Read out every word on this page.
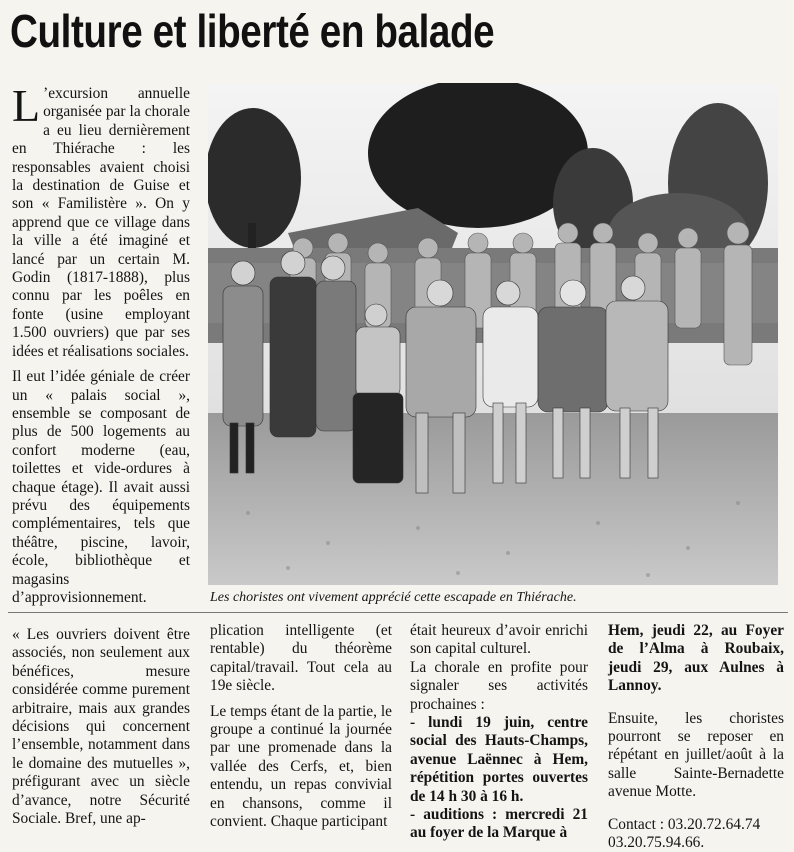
Culture et liberté en balade

L ’excursion annuelle organisée par la chorale a eu lieu dernièrement en Thiérache : les responsables avaient choisi la destination de Guise et son « Familistère ». On y apprend que ce village dans la ville a été imaginé et lancé par un certain M. Godin (1817-1888), plus connu par les poêles en fonte (usine employant 1.500 ouvriers) que par ses idées et réalisations sociales.

Il eut l’idée géniale de créer un « palais social », ensemble se composant de plus de 500 logements au confort moderne (eau, toilettes et vide-ordures à chaque étage). Il avait aussi prévu des équipements complémentaires, tels que théâtre, piscine, lavoir, école, bibliothèque et magasins d’approvisionnement.	Les choristes ont vivement apprécié cette escapade en Thiérache.

« Les ouvriers doivent être associés, non seulement aux bénéfices, mesure considérée comme purement arbitraire, mais aux grandes décisions qui concernent l’ensemble, notamment dans le domaine des mutuelles », préfigurant avec un siècle d’avance, notre Sécurité Sociale. Bref, une ap-

plication intelligente (et rentable) du théorème capital/travail. Tout cela au 19e siècle.

Le temps étant de la partie, le groupe a continué la journée par une promenade dans la vallée des Cerfs, et, bien entendu, un repas convivial en chansons, comme il convient. Chaque participant

était heureux d’avoir enrichi son capital culturel.

La chorale en profite pour signaler ses activités prochaines :

- lundi 19 juin, centre social des Hauts-Champs, avenue Laënnec à Hem, répétition portes ouvertes de 14 h 30 à 16 h.

- auditions : mercredi 21 au foyer de la Marque à

Hem, jeudi 22, au Foyer de l’Alma à Roubaix, jeudi 29, aux Aulnes à Lannoy.

Ensuite, les choristes pourront se reposer en répétant en juillet/août à la salle Sainte-Bernadette avenue Motte.

Contact : 03.20.72.64.74
03.20.75.94.66.
